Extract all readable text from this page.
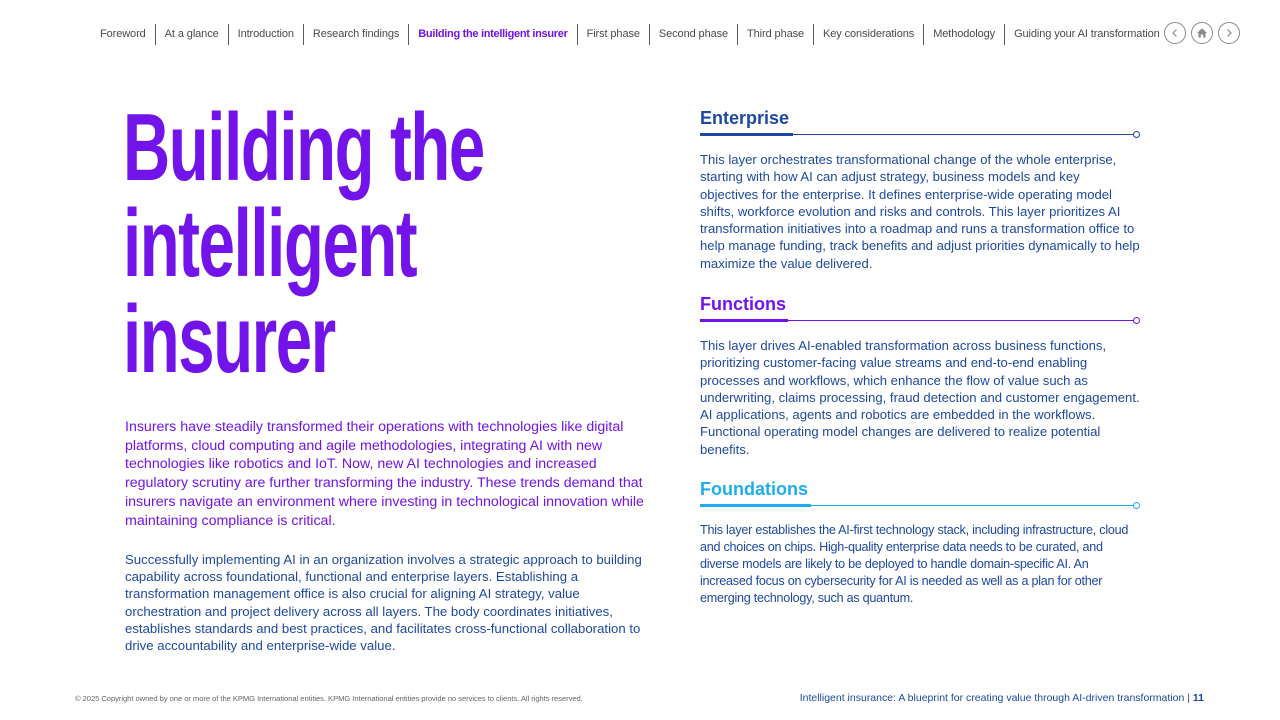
Foreword	At a glance	Introduction	Research findings	Building the intelligent insurer	First phase	Second phase	Third phase	Key considerations	Methodology	Guiding your AI transformation
Building the
intelligent
insurer

Insurers have steadily transformed their operations with technologies like digital platforms, cloud computing and agile methodologies, integrating AI with new technologies like robotics and IoT. Now, new AI technologies and increased regulatory scrutiny are further transforming the industry. These trends demand that insurers navigate an environment where investing in technological innovation while maintaining compliance is critical.

Successfully implementing AI in an organization involves a strategic approach to building capability across foundational, functional and enterprise layers. Establishing a transformation management office is also crucial for aligning AI strategy, value orchestration and project delivery across all layers. The body coordinates initiatives, establishes standards and best practices, and facilitates cross-functional collaboration to drive accountability and enterprise-wide value.

Enterprise

This layer orchestrates transformational change of the whole enterprise, starting with how AI can adjust strategy, business models and key objectives for the enterprise. It defines enterprise-wide operating model shifts, workforce evolution and risks and controls. This layer prioritizes AI transformation initiatives into a roadmap and runs a transformation office to help manage funding, track benefits and adjust priorities dynamically to help maximize the value delivered.

Functions

This layer drives AI-enabled transformation across business functions, prioritizing customer-facing value streams and end-to-end enabling processes and workflows, which enhance the flow of value such as underwriting, claims processing, fraud detection and customer engagement. AI applications, agents and robotics are embedded in the workflows. Functional operating model changes are delivered to realize potential benefits.

Foundations

This layer establishes the AI-first technology stack, including infrastructure, cloud and choices on chips. High-quality enterprise data needs to be curated, and diverse models are likely to be deployed to handle domain-specific AI. An increased focus on cybersecurity for AI is needed as well as a plan for other emerging technology, such as quantum.

© 2025 Copyright owned by one or more of the KPMG International entities. KPMG International entities provide no services to clients. All rights reserved.	Intelligent insurance: A blueprint for creating value through AI-driven transformation | 11
